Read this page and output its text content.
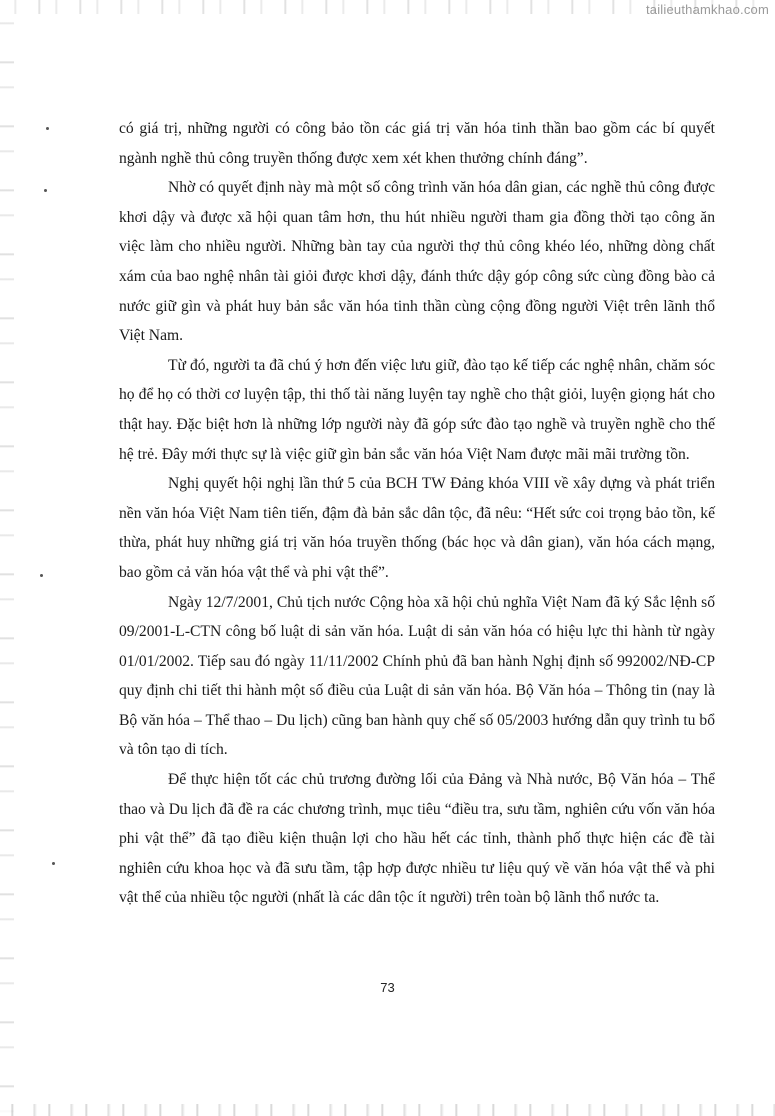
tailieuthamkhao.com

có giá trị, những người có công bảo tồn các giá trị văn hóa tinh thần bao gồm các bí quyết ngành nghề thủ công truyền thống được xem xét khen thưởng chính đáng”.

Nhờ có quyết định này mà một số công trình văn hóa dân gian, các nghề thủ công được khơi dậy và được xã hội quan tâm hơn, thu hút nhiều người tham gia đồng thời tạo công ăn việc làm cho nhiều người. Những bàn tay của người thợ thủ công khéo léo, những dòng chất xám của bao nghệ nhân tài giỏi được khơi dậy, đánh thức dậy góp công sức cùng đồng bào cả nước giữ gìn và phát huy bản sắc văn hóa tinh thần cùng cộng đồng người Việt trên lãnh thổ Việt Nam.

Từ đó, người ta đã chú ý hơn đến việc lưu giữ, đào tạo kế tiếp các nghệ nhân, chăm sóc họ để họ có thời cơ luyện tập, thi thố tài năng luyện tay nghề cho thật giỏi, luyện giọng hát cho thật hay. Đặc biệt hơn là những lớp người này đã góp sức đào tạo nghề và truyền nghề cho thế hệ trẻ. Đây mới thực sự là việc giữ gìn bản sắc văn hóa Việt Nam được mãi mãi trường tồn.

Nghị quyết hội nghị lần thứ 5 của BCH TW Đảng khóa VIII về xây dựng và phát triển nền văn hóa Việt Nam tiên tiến, đậm đà bản sắc dân tộc, đã nêu: “Hết sức coi trọng bảo tồn, kế thừa, phát huy những giá trị văn hóa truyền thống (bác học và dân gian), văn hóa cách mạng, bao gồm cả văn hóa vật thể và phi vật thể”.

Ngày 12/7/2001, Chủ tịch nước Cộng hòa xã hội chủ nghĩa Việt Nam đã ký Sắc lệnh số 09/2001-L-CTN công bố luật di sản văn hóa. Luật di sản văn hóa có hiệu lực thi hành từ ngày 01/01/2002. Tiếp sau đó ngày 11/11/2002 Chính phủ đã ban hành Nghị định số 992002/NĐ-CP quy định chi tiết thi hành một số điều của Luật di sản văn hóa. Bộ Văn hóa – Thông tin (nay là Bộ văn hóa – Thể thao – Du lịch) cũng ban hành quy chế số 05/2003 hướng dẫn quy trình tu bổ và tôn tạo di tích.

Để thực hiện tốt các chủ trương đường lối của Đảng và Nhà nước, Bộ Văn hóa – Thể thao và Du lịch đã đề ra các chương trình, mục tiêu “điều tra, sưu tầm, nghiên cứu vốn văn hóa phi vật thể” đã tạo điều kiện thuận lợi cho hầu hết các tỉnh, thành phố thực hiện các đề tài nghiên cứu khoa học và đã sưu tầm, tập hợp được nhiều tư liệu quý về văn hóa vật thể và phi vật thể của nhiều tộc người (nhất là các dân tộc ít người) trên toàn bộ lãnh thổ nước ta.

73
